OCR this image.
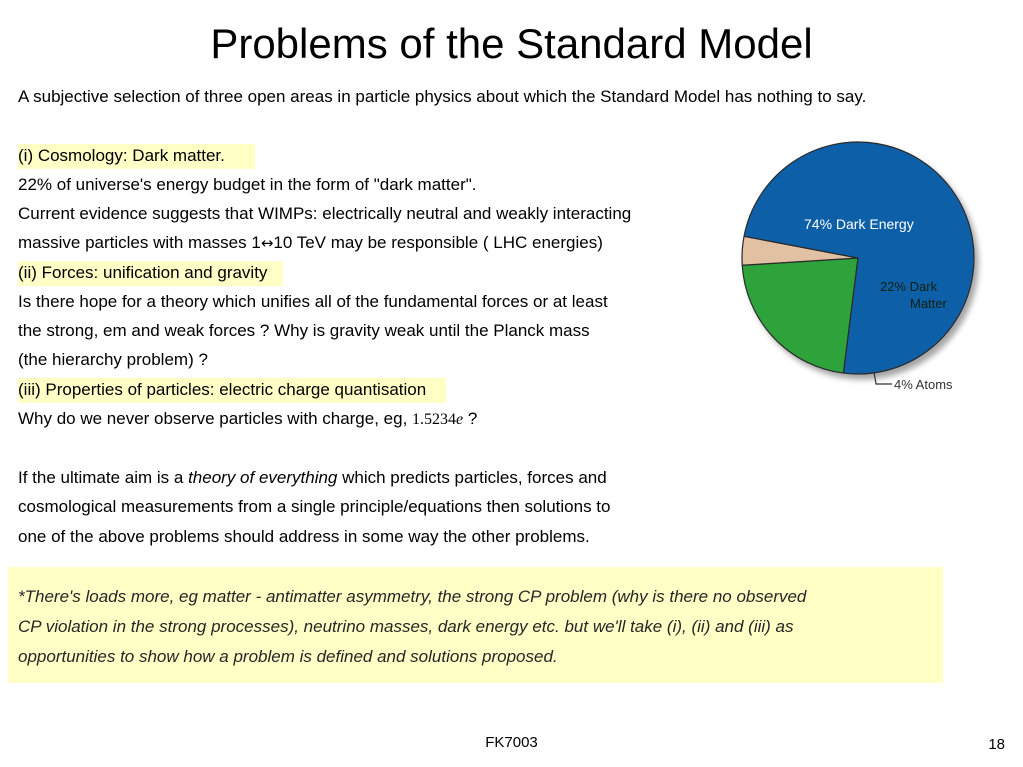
Problems of the Standard Model
A subjective selection of three open areas in particle physics about which the Standard Model has nothing to say.
(i) Cosmology: Dark matter.
22% of universe's energy budget in the form of "dark matter".
Current evidence suggests that WIMPs: electrically neutral and weakly interacting
massive particles with masses 1↔10 TeV may be responsible ( LHC energies)
(ii) Forces: unification and gravity
Is there hope for a theory which unifies all of the fundamental forces or at least
the strong, em and weak forces ? Why is gravity weak until the Planck mass
(the hierarchy problem) ?
(iii) Properties of particles: electric charge quantisation
Why do we never observe particles with charge, eg, 1.5234e ?
If the ultimate aim is a theory of everything which predicts particles, forces and
cosmological measurements from a single principle/equations then solutions to
one of the above problems should address in some way the other problems.
*There's loads more, eg matter - antimatter asymmetry, the strong CP problem (why is there no observed
CP violation in the strong processes), neutrino masses, dark energy etc. but we'll take (i), (ii) and (iii) as
opportunities to show how a problem is defined and solutions proposed.
74% Dark Energy
22% Dark
Matter
4% Atoms
FK7003	18
